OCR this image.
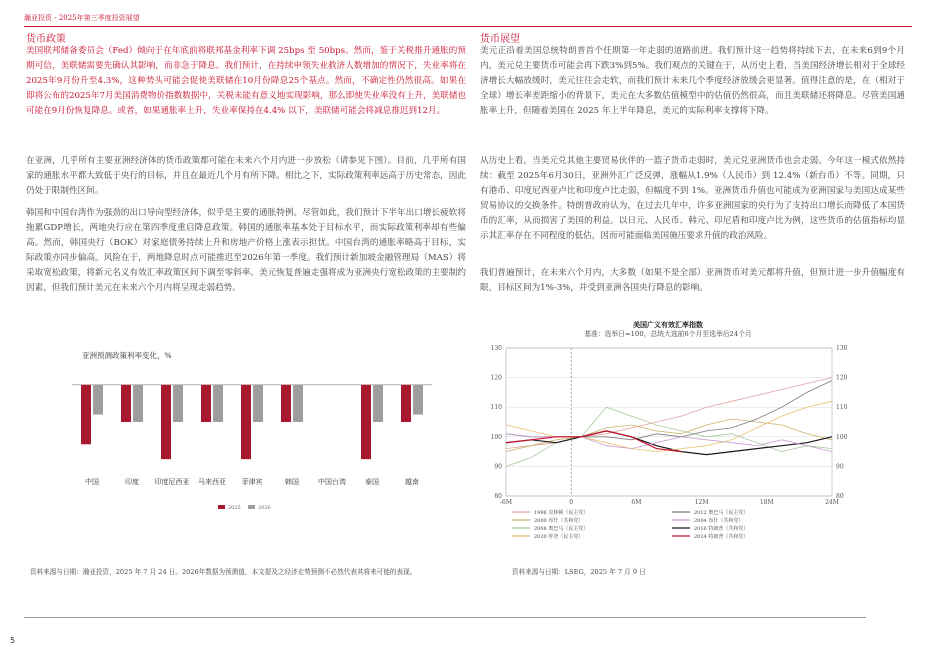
瀚亚投资 - 2025年第三季度投资展望
货币政策

美国联邦储备委员会（Fed）倾向于在年底前将联邦基金利率下调 25bps 至 50bps。然而，鉴于关税推升通胀的预期可信，美联储需要先确认其影响，而非急于降息。我们预计，在持续申领失业救济人数增加的情况下，失业率将在2025年9月份升至4.3%，这种势头可能会促使美联储在10月份降息25个基点。然而，不确定性仍然很高。如果在即将公布的2025年7月美国消费物价指数数据中，关税未能有意义地实现影响，那么即使失业率没有上升，美联储也可能在9月份恢复降息。或者，如果通胀率上升，失业率保持在4.4% 以下，美联储可能会将减息推迟到12月。

在亚洲，几乎所有主要亚洲经济体的货币政策都可能在未来六个月内进一步放松（请参见下图）。目前，几乎所有国家的通胀水平都大致低于央行的目标，并且在最近几个月有所下降。相比之下，实际政策利率远高于历史常态，因此仍处于限制性区间。

韩国和中国台湾作为强劲的出口导向型经济体，似乎是主要的通胀特例。尽管如此，我们预计下半年出口增长疲软将拖累GDP增长，两地央行应在第四季度重启降息政策。韩国的通胀率基本处于目标水平，而实际政策利率却有些偏高。然而，韩国央行（BOK）对家庭债务持续上升和房地产价格上涨表示担忧。中国台湾的通胀率略高于目标，实际政策亦同步偏高。风险在于，两地降息时点可能推迟至2026年第一季度。我们预计新加坡金融管理局（MAS）将采取宽松政策，将新元名义有效汇率政策区间下调至零斜率。美元恢复普遍走强将成为亚洲央行宽松政策的主要制约因素，但我们预计美元在未来六个月内将呈现走弱趋势。

亚洲预测政策利率变化，%
中国	印度 印度尼西亚 马来西亚 菲律宾	韩国	中国台湾	泰国	越南
2025	2026
资料来源与日期：瀚亚投资，2025 年 7 月 24 日。2026年数据为预测值，本文提及之经济走势预测不必然代表其将来可能的表现。
货币展望

美元正沿着美国总统特朗普首个任期第一年走弱的道路前进。我们预计这一趋势将持续下去，在未来6到9个月内，美元兑主要货币可能会再下跌3%到5%。我们观点的关键在于，从历史上看，当美国经济增长相对于全球经济增长大幅放缓时，美元往往会走软，而我们预计未来几个季度经济放缓会更显著。值得注意的是，在（相对于全球）增长率差距缩小的背景下，美元在大多数估值模型中的估值仍然很高，而且美联储还将降息。尽管美国通胀率上升，但随着美国在 2025 年上半年降息，美元的实际利率支撑将下降。

从历史上看，当美元兑其他主要贸易伙伴的一篮子货币走弱时，美元兑亚洲货币也会走弱。今年这一模式依然持续：截至 2025年6月30日，亚洲外汇广泛反弹，涨幅从1.9%（人民币）到 12.4%（新台币）不等。同期，只有港币、印度尼西亚卢比和印度卢比走弱，但幅度不到 1%。亚洲货币升值也可能成为亚洲国家与美国达成某些贸易协议的交换条件。特朗普政府认为，在过去几年中，许多亚洲国家的央行为了支持出口增长而降低了本国货币的汇率，从而损害了美国的利益。以日元、人民币、韩元、印尼盾和印度卢比为例，这些货币的估值指标均显示其汇率存在不同程度的低估，因而可能面临美国施压要求升值的政治风险。

我们普遍预计，在未来六个月内，大多数（如果不是全部）亚洲货币对美元都将升值，但预计进一步升值幅度有限，目标区间为1%-3%，并受到亚洲各国央行降息的影响。

美国广义有效汇率指数
基准：选举日=100，总统大选前6个月至选举后24个月
130	130
120	120
110	110
100	100
90	90
80	80
-6M	0	6M	12M	18M	24M
1996 克林顿（民主党）	2012 奥巴马（民主党）
2000 布什（共和党）	2004 布什（共和党）
2008 奥巴马（民主党）	2016 特朗普（共和党）
2020 拜登（民主党）	2024 特朗普（共和党）
资料来源与日期：LSEG，2025 年 7 月 9 日
5
